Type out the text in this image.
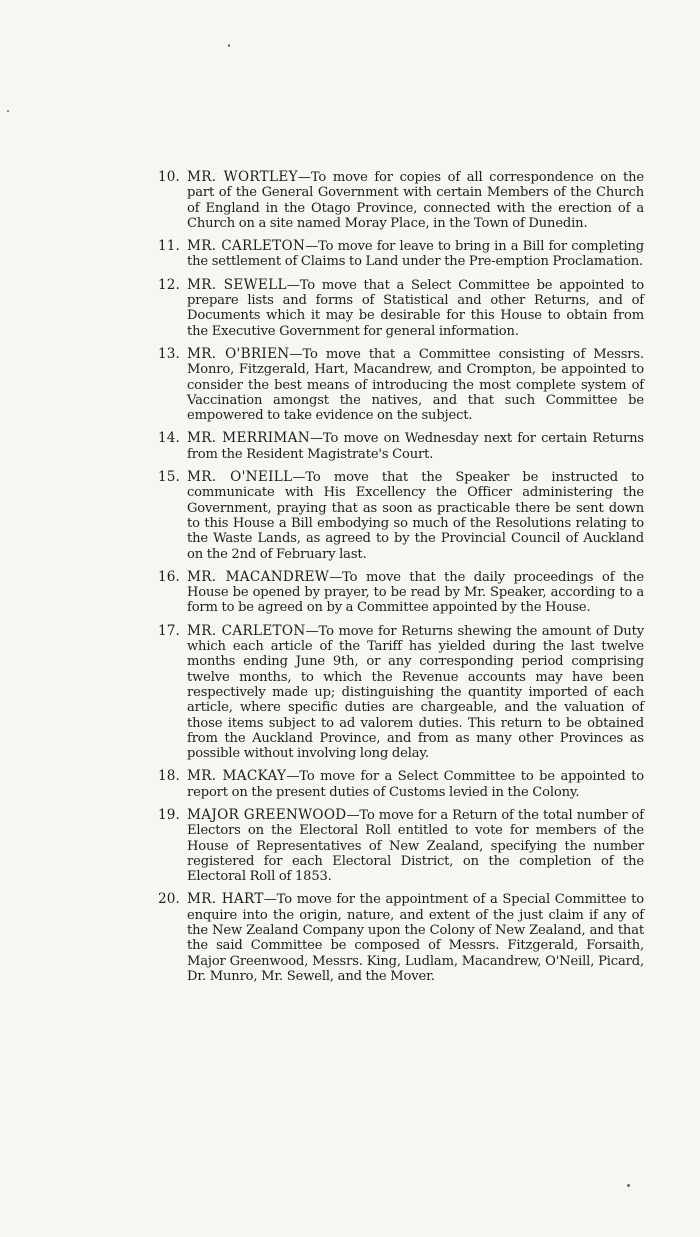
10. MR. WORTLEY—To move for copies of all correspondence on the part of the General Government with certain Members of the Church of England in the Otago Province, connected with the erection of a Church on a site named Moray Place, in the Town of Dunedin.
11. MR. CARLETON—To move for leave to bring in a Bill for completing the settlement of Claims to Land under the Pre-emption Proclamation.
12. MR. SEWELL—To move that a Select Committee be appointed to prepare lists and forms of Statistical and other Returns, and of Documents which it may be desirable for this House to obtain from the Executive Government for general information.
13. MR. O'BRIEN—To move that a Committee consisting of Messrs. Monro, Fitzgerald, Hart, Macandrew, and Crompton, be appointed to consider the best means of introducing the most complete system of Vaccination amongst the natives, and that such Committee be empowered to take evidence on the subject.
14. MR. MERRIMAN—To move on Wednesday next for certain Returns from the Resident Magistrate's Court.
15. MR. O'NEILL—To move that the Speaker be instructed to communicate with His Excellency the Officer administering the Government, praying that as soon as practicable there be sent down to this House a Bill embodying so much of the Resolutions relating to the Waste Lands, as agreed to by the Provincial Council of Auckland on the 2nd of February last.
16. MR. MACANDREW—To move that the daily proceedings of the House be opened by prayer, to be read by Mr. Speaker, according to a form to be agreed on by a Committee appointed by the House.
17. MR. CARLETON—To move for Returns shewing the amount of Duty which each article of the Tariff has yielded during the last twelve months ending June 9th, or any corresponding period comprising twelve months, to which the Revenue accounts may have been respectively made up; distinguishing the quantity imported of each article, where specific duties are chargeable, and the valuation of those items subject to ad valorem duties. This return to be obtained from the Auckland Province, and from as many other Provinces as possible without involving long delay.
18. MR. MACKAY—To move for a Select Committee to be appointed to report on the present duties of Customs levied in the Colony.
19. MAJOR GREENWOOD—To move for a Return of the total number of Electors on the Electoral Roll entitled to vote for members of the House of Representatives of New Zealand, specifying the number registered for each Electoral District, on the completion of the Electoral Roll of 1853.
20. MR. HART—To move for the appointment of a Special Committee to enquire into the origin, nature, and extent of the just claim if any of the New Zealand Company upon the Colony of New Zealand, and that the said Committee be composed of Messrs. Fitzgerald, Forsaith, Major Greenwood, Messrs. King, Ludlam, Macandrew, O'Neill, Picard, Dr. Munro, Mr. Sewell, and the Mover.
